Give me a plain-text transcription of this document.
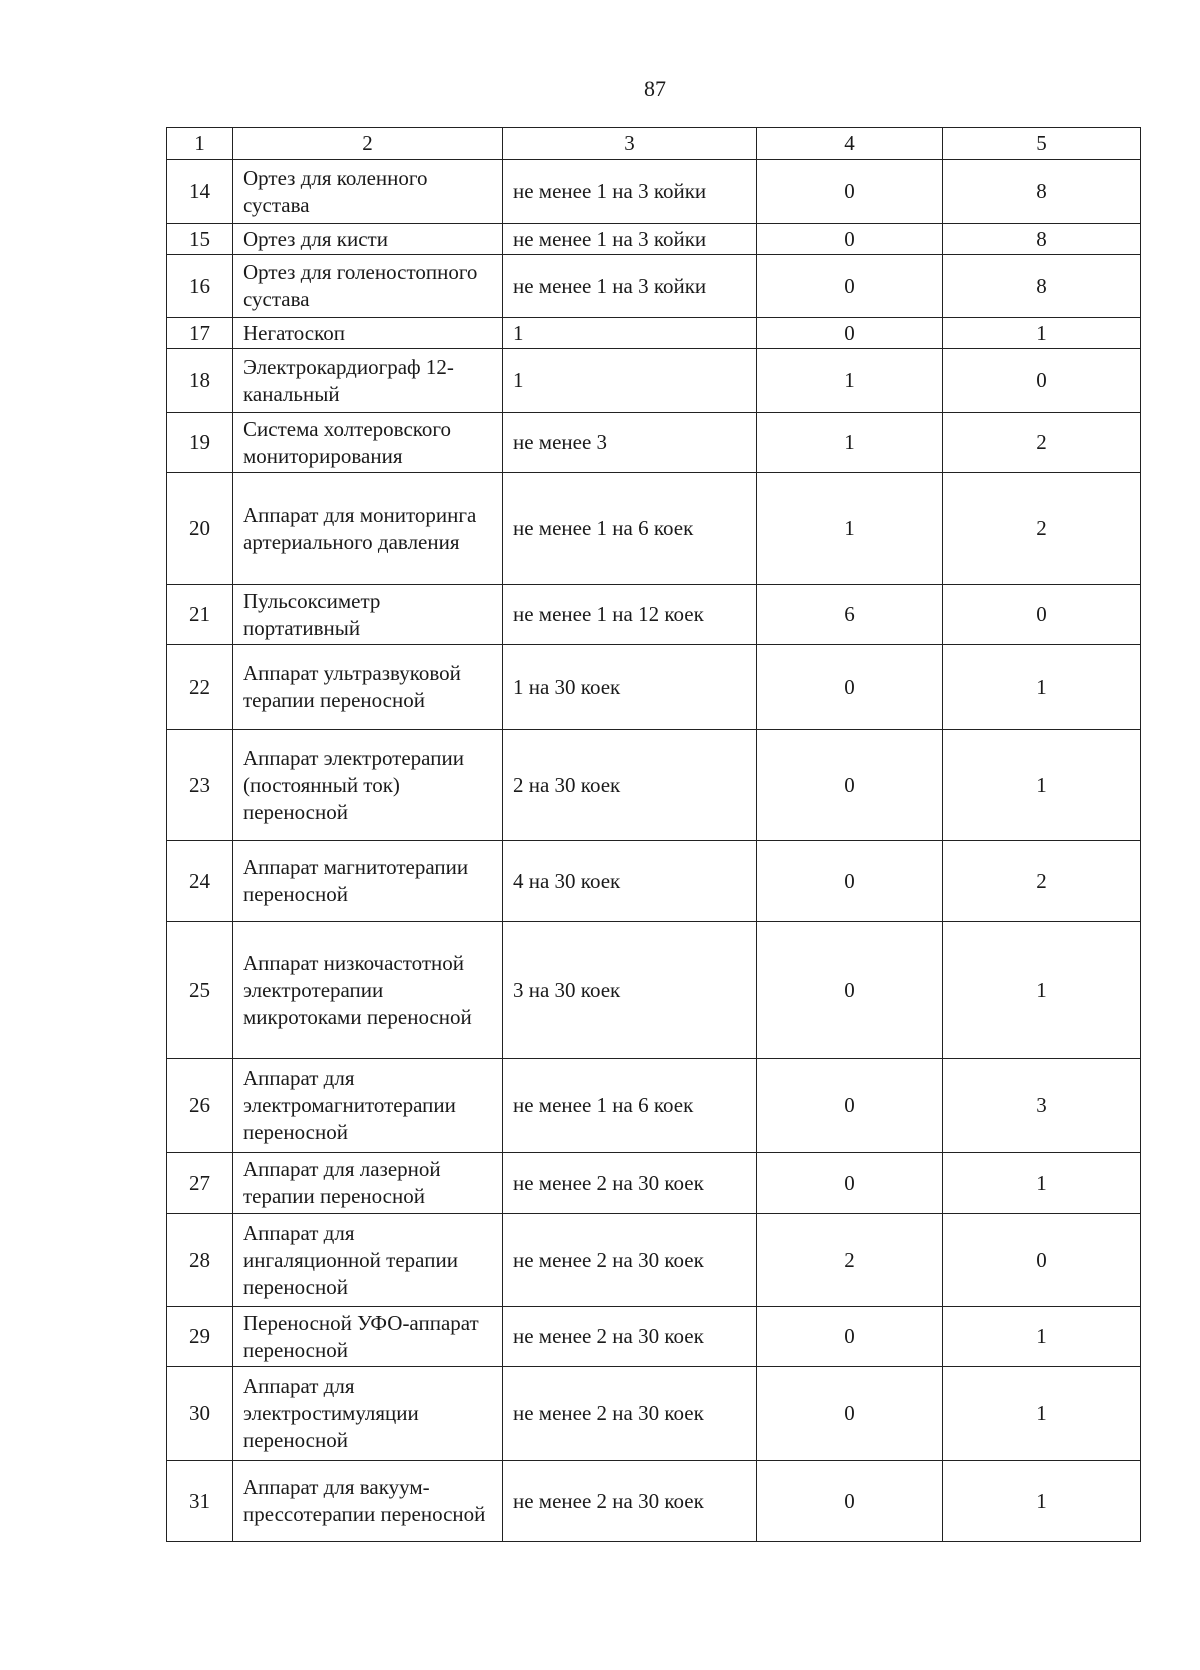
87
1	2	3	4	5
14	Ортез для коленного сустава	не менее 1 на 3 койки	0	8
15	Ортез для кисти	не менее 1 на 3 койки	0	8
16	Ортез для голеностопного сустава	не менее 1 на 3 койки	0	8
17	Негатоскоп	1	0	1
18	Электрокардиограф 12-канальный	1	1	0
19	Система холтеровского мониторирования	не менее 3	1	2
20	Аппарат для мониторинга артериального давления	не менее 1 на 6 коек	1	2
21	Пульсоксиметр портативный	не менее 1 на 12 коек	6	0
22	Аппарат ультразвуковой терапии переносной	1 на 30 коек	0	1
23	Аппарат электротерапии (постоянный ток) переносной	2 на 30 коек	0	1
24	Аппарат магнитотерапии переносной	4 на 30 коек	0	2
25	Аппарат низкочастотной электротерапии микротоками переносной	3 на 30 коек	0	1
26	Аппарат для электромагнитотерапии переносной	не менее 1 на 6 коек	0	3
27	Аппарат для лазерной терапии переносной	не менее 2 на 30 коек	0	1
28	Аппарат для ингаляционной терапии переносной	не менее 2 на 30 коек	2	0
29	Переносной УФО-аппарат переносной	не менее 2 на 30 коек	0	1
30	Аппарат для электростимуляции переносной	не менее 2 на 30 коек	0	1
31	Аппарат для вакуум-прессотерапии переносной	не менее 2 на 30 коек	0	1
